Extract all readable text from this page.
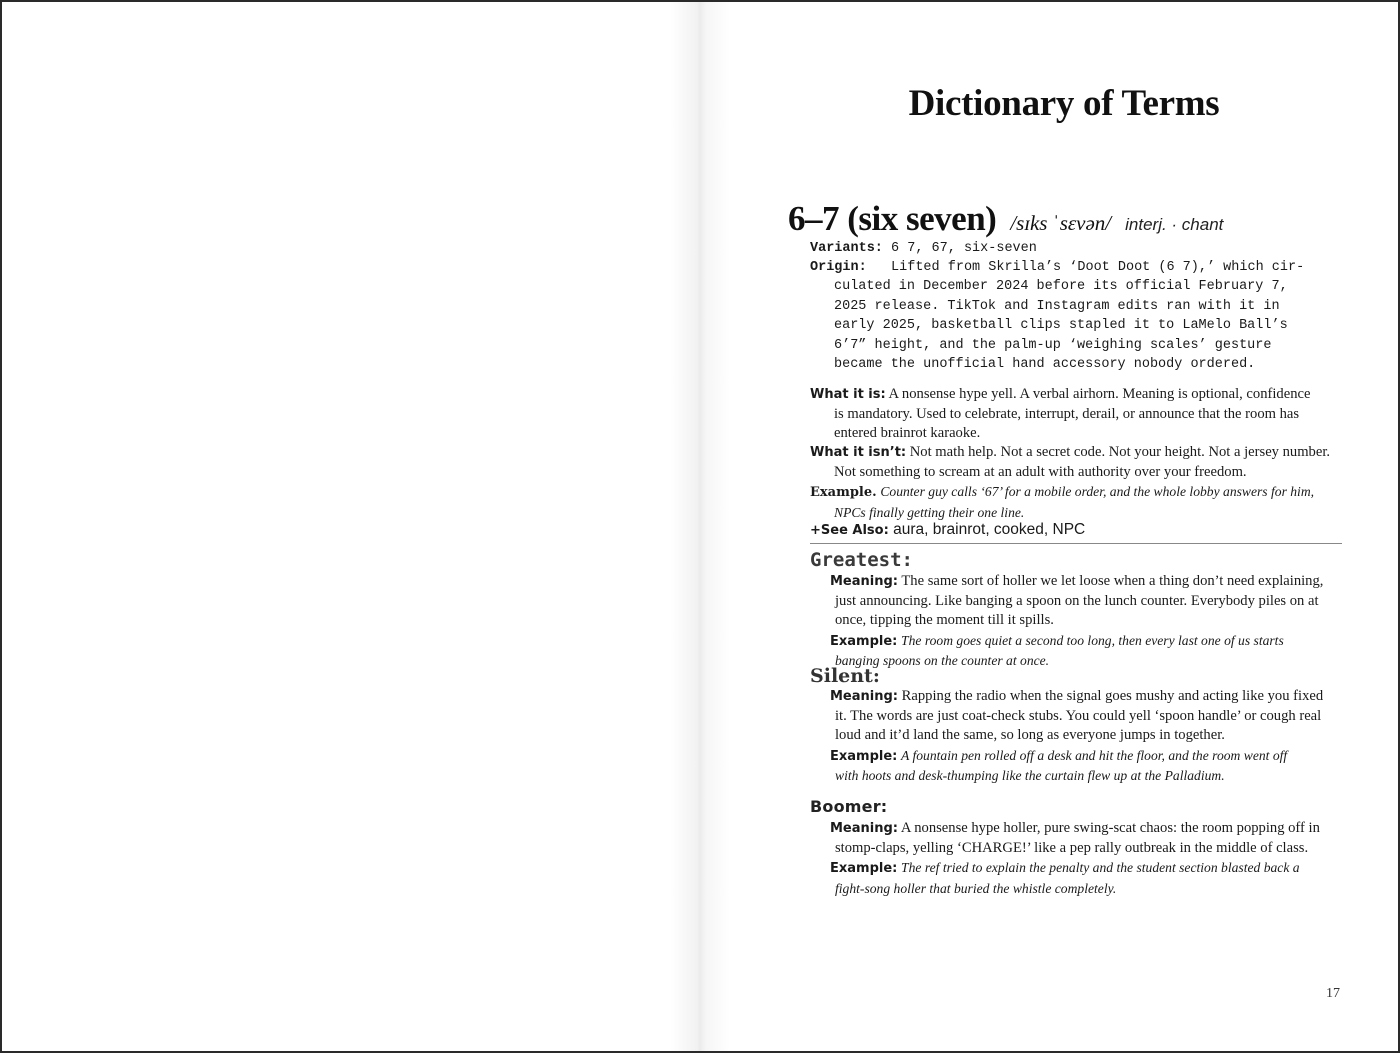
Dictionary of Terms
6–7 (six seven) /sɪks ˈsɛvən/ interj. · chant
Variants: 6 7, 67, six-seven
Origin: Lifted from Skrilla’s ‘Doot Doot (6 7),’ which cir-
culated in December 2024 before its official February 7,
2025 release. TikTok and Instagram edits ran with it in
early 2025, basketball clips stapled it to LaMelo Ball’s
6’7” height, and the palm-up ‘weighing scales’ gesture
became the unofficial hand accessory nobody ordered.
What it is: A nonsense hype yell. A verbal airhorn. Meaning is optional, confidence
is mandatory. Used to celebrate, interrupt, derail, or announce that the room has
entered brainrot karaoke.
What it isn’t: Not math help. Not a secret code. Not your height. Not a jersey number.
Not something to scream at an adult with authority over your freedom.
Example. Counter guy calls ‘67’ for a mobile order, and the whole lobby answers for him,
NPCs finally getting their one line.
+See Also: aura, brainrot, cooked, NPC
Greatest:
Meaning: The same sort of holler we let loose when a thing don’t need explaining,
just announcing. Like banging a spoon on the lunch counter. Everybody piles on at
once, tipping the moment till it spills.
Example: The room goes quiet a second too long, then every last one of us starts
banging spoons on the counter at once.
Silent:
Meaning: Rapping the radio when the signal goes mushy and acting like you fixed
it. The words are just coat-check stubs. You could yell ‘spoon handle’ or cough real
loud and it’d land the same, so long as everyone jumps in together.
Example: A fountain pen rolled off a desk and hit the floor, and the room went off
with hoots and desk-thumping like the curtain flew up at the Palladium.
Boomer:
Meaning: A nonsense hype holler, pure swing-scat chaos: the room popping off in
stomp-claps, yelling ‘CHARGE!’ like a pep rally outbreak in the middle of class.
Example: The ref tried to explain the penalty and the student section blasted back a
fight-song holler that buried the whistle completely.
17
